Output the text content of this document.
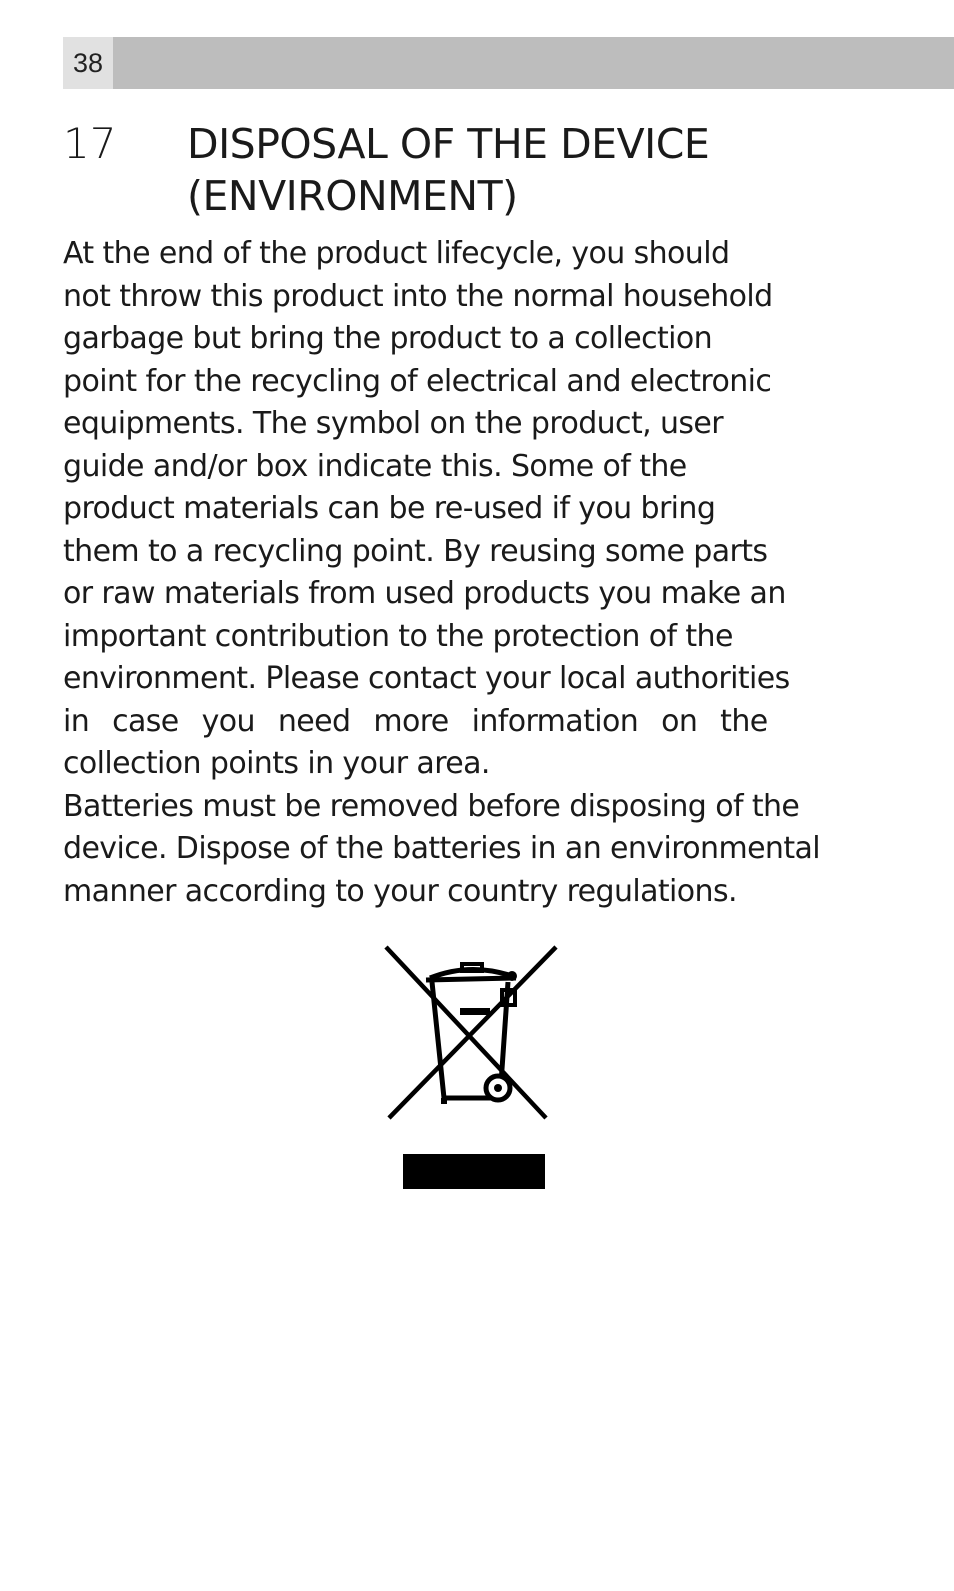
38
17 DISPOSAL OF THE DEVICE
(ENVIRONMENT)
At the end of the product lifecycle, you should
not throw this product into the normal household
garbage but bring the product to a collection
point for the recycling of electrical and electronic
equipments. The symbol on the product, user
guide and/or box indicate this. Some of the
product materials can be re-used if you bring
them to a recycling point. By reusing some parts
or raw materials from used products you make an
important contribution to the protection of the
environment. Please contact your local authorities
in case you need more information on the
collection points in your area.
Batteries must be removed before disposing of the
device. Dispose of the batteries in an environmental
manner according to your country regulations.
